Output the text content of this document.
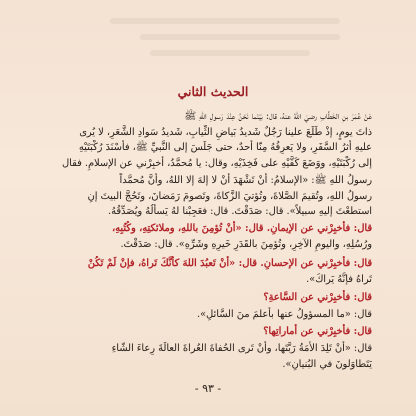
الحديث الثاني
عَنْ عُمَرَ بنِ الخَطَّابِ رضيَ اللهُ عنهُ، قال: بَيْنَما نَحْنُ عِنْدَ رَسولِ اللهِ ﷺ
ذاتَ يومٍ، إذْ طَلَعَ علينا رَجُلٌ شَديدُ بَياضِ الثِّيابِ، شَديدُ سَوادِ الشَّعَرِ، لا يُرى
عليهِ أثرُ السَّفَرِ، ولا يَعرِفُهُ مِنّا أحدٌ، حتى جَلَسَ إلى النَّبيِّ ﷺ، فأسْنَدَ رُكْبَتَيْهِ
إلى رُكْبَتَيْهِ، ووَضَعَ كَفَّيْهِ على فَخِذَيْهِ، وقال: يا مُحمَّدُ، أخبِرْني عن الإسلامِ. فقال
رسولُ اللهِ ﷺ: «الإسلامُ: أنْ تَشْهَدَ أنْ لا إلهَ إلا اللهُ، وأنَّ مُحمَّداً
رسولُ اللهِ، وتُقيمَ الصَّلاةَ، وتُؤتيَ الزَّكاةَ، وتَصومَ رَمَضانَ، وتَحُجَّ البيتَ إنِ
استطعْتَ إليهِ سبيلاً». قال: صَدَقْتَ. قال: فعَجِبْنا لهُ يَسألُهُ ويُصَدِّقُهُ.
قال: فأخبِرْني عن الإيمانِ. قال: «أنْ تُؤمِنَ باللهِ، وملائكتِهِ، وكُتُبِهِ،
ورُسُلِهِ، واليومِ الآخِرِ، وتُؤمِنَ بالقَدَرِ خَيرِهِ وشَرِّهِ». قال: صَدَقْتَ.
قال: فأخبِرْني عن الإحسانِ. قال: «أنْ تَعبُدَ اللهَ كأنَّكَ تَراهُ، فإنْ لَمْ تَكُنْ
تَراهُ فإنَّهُ يَراكَ».
قال: فأخبِرْني عن السَّاعةِ؟
قال: «ما المسؤولُ عنها بأعلمَ منَ السَّائلِ».
قال: فأخبِرْني عن أماراتِها؟
قال: «أنْ تَلِدَ الأَمَةُ رَبَّتَها، وأنْ تَرى الحُفاةَ العُراةَ العالَةَ رِعاءَ الشّاءِ
يَتَطاوَلونَ في البُنيانِ».
- ٩٣ -
